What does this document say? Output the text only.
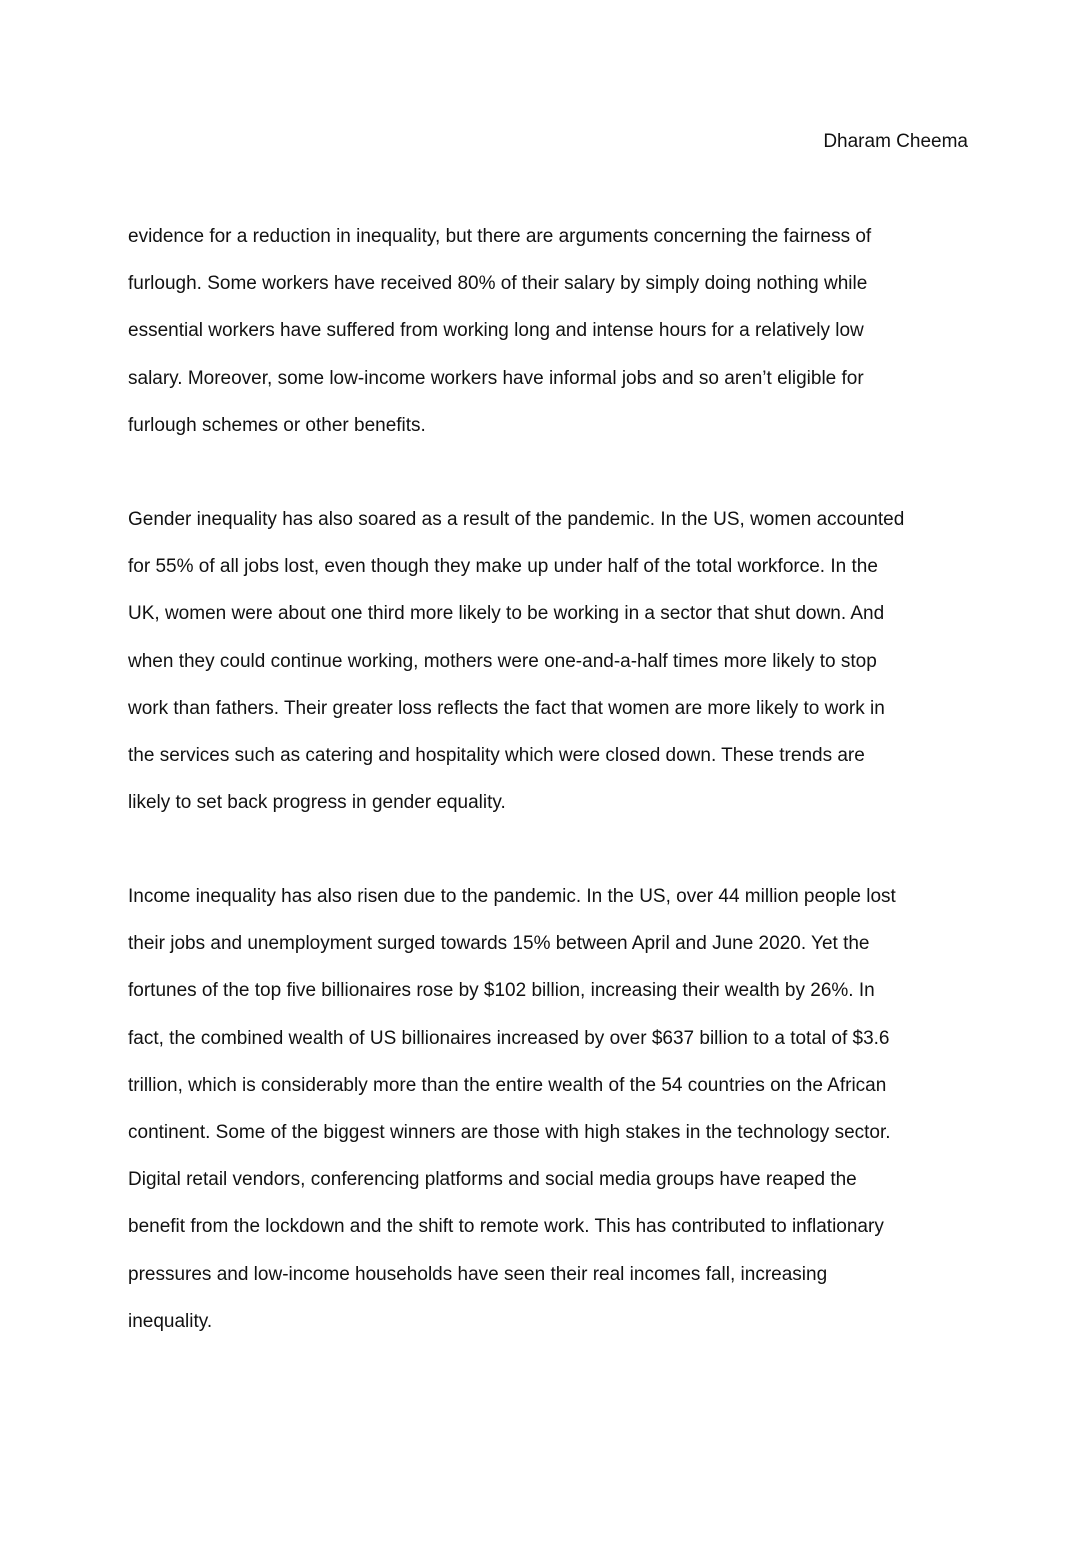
Dharam Cheema

evidence for a reduction in inequality, but there are arguments concerning the fairness of
furlough. Some workers have received 80% of their salary by simply doing nothing while
essential workers have suffered from working long and intense hours for a relatively low
salary. Moreover, some low-income workers have informal jobs and so aren’t eligible for
furlough schemes or other benefits.

Gender inequality has also soared as a result of the pandemic. In the US, women accounted
for 55% of all jobs lost, even though they make up under half of the total workforce. In the
UK, women were about one third more likely to be working in a sector that shut down. And
when they could continue working, mothers were one-and-a-half times more likely to stop
work than fathers. Their greater loss reflects the fact that women are more likely to work in
the services such as catering and hospitality which were closed down. These trends are
likely to set back progress in gender equality.

Income inequality has also risen due to the pandemic. In the US, over 44 million people lost
their jobs and unemployment surged towards 15% between April and June 2020. Yet the
fortunes of the top five billionaires rose by $102 billion, increasing their wealth by 26%. In
fact, the combined wealth of US billionaires increased by over $637 billion to a total of $3.6
trillion, which is considerably more than the entire wealth of the 54 countries on the African
continent. Some of the biggest winners are those with high stakes in the technology sector.
Digital retail vendors, conferencing platforms and social media groups have reaped the
benefit from the lockdown and the shift to remote work. This has contributed to inflationary
pressures and low-income households have seen their real incomes fall, increasing
inequality.
